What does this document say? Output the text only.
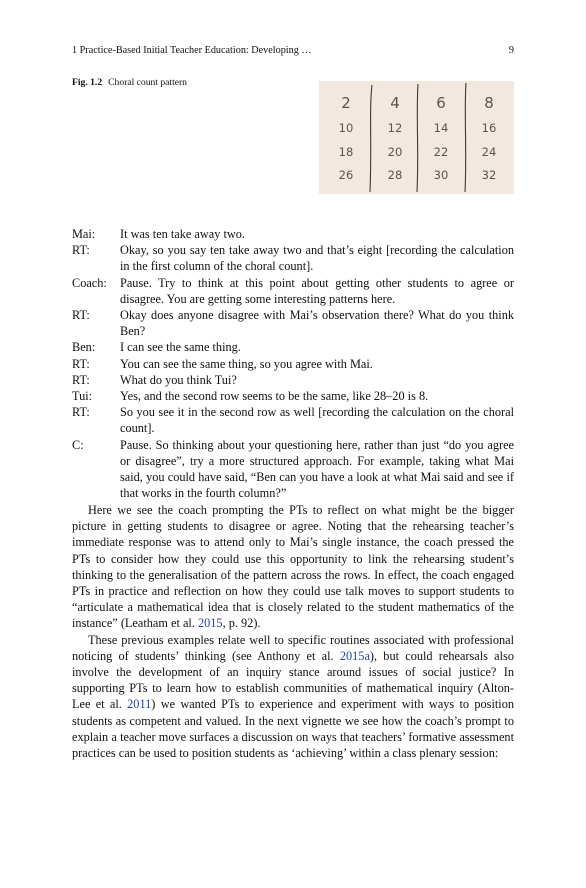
1 Practice-Based Initial Teacher Education: Developing …	9
Fig. 1.2 Choral count pattern
2	4 6	8
10	12	14	16
18	20	22	24
26	28	30	32
Mai:	It was ten take away two.
RT:	Okay, so you say ten take away two and that’s eight [recording the calculation in the first column of the choral count].
Coach:	Pause. Try to think at this point about getting other students to agree or disagree. You are getting some interesting patterns here.
RT:	Okay does anyone disagree with Mai’s observation there? What do you think Ben?
Ben:	I can see the same thing.
RT:	You can see the same thing, so you agree with Mai.
RT:	What do you think Tui?
Tui:	Yes, and the second row seems to be the same, like 28–20 is 8.
RT:	So you see it in the second row as well [recording the calculation on the choral count].
C:	Pause. So thinking about your questioning here, rather than just “do you agree or disagree”, try a more structured approach. For example, taking what Mai said, you could have said, “Ben can you have a look at what Mai said and see if that works in the fourth column?”

Here we see the coach prompting the PTs to reflect on what might be the bigger picture in getting students to disagree or agree. Noting that the rehearsing teacher’s immediate response was to attend only to Mai’s single instance, the coach pressed the PTs to consider how they could use this opportunity to link the rehearsing student’s thinking to the generalisation of the pattern across the rows. In effect, the coach engaged PTs in practice and reflection on how they could use talk moves to support students to “articulate a mathematical idea that is closely related to the student mathematics of the instance” (Leatham et al. 2015, p. 92).

These previous examples relate well to specific routines associated with professional noticing of students’ thinking (see Anthony et al. 2015a), but could rehearsals also involve the development of an inquiry stance around issues of social justice? In supporting PTs to learn how to establish communities of mathematical inquiry (Alton-Lee et al. 2011) we wanted PTs to experience and experiment with ways to position students as competent and valued. In the next vignette we see how the coach’s prompt to explain a teacher move surfaces a discussion on ways that teachers’ formative assessment practices can be used to position students as ‘achieving’ within a class plenary session:
